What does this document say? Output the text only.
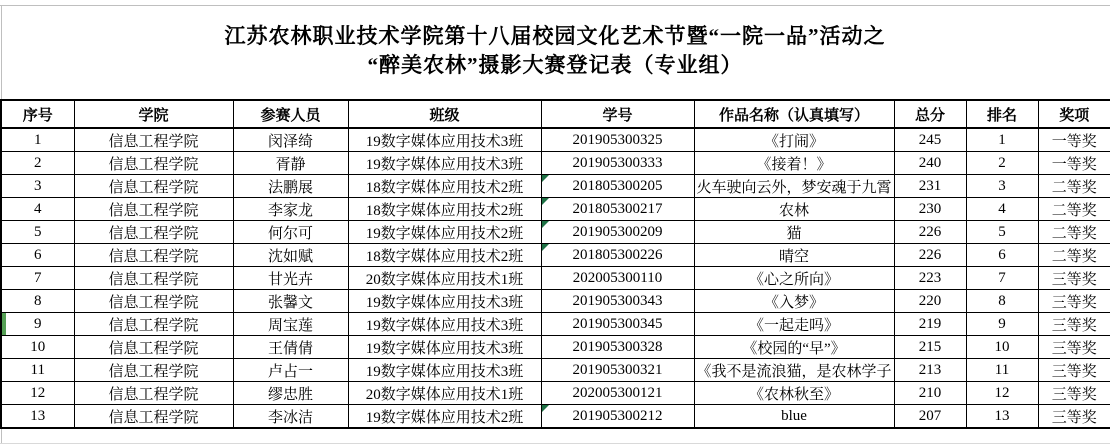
江苏农林职业技术学院第十八届校园文化艺术节暨“一院一品”活动之
“醉美农林”摄影大赛登记表（专业组）
序号	学院	参赛人员	班级	学号	作品名称（认真填写）	总分	排名	奖项
1	信息工程学院	闵泽绮	19数字媒体应用技术3班	201905300325	《打闹》	245	1	一等奖
2	信息工程学院	胥静	19数字媒体应用技术3班	201905300333	《接着！》	240	2	一等奖
3	信息工程学院	法鹏展	18数字媒体应用技术2班	201805300205	火车驶向云外，梦安魂于九霄	231	3	二等奖
4	信息工程学院	李家龙	18数字媒体应用技术2班	201805300217	农林	230	4	二等奖
5	信息工程学院	何尔可	19数字媒体应用技术2班	201905300209	猫	226	5	二等奖
6	信息工程学院	沈如赋	18数字媒体应用技术2班	201805300226	晴空	226	6	二等奖
7	信息工程学院	甘光卉	20数字媒体应用技术1班	202005300110	《心之所向》	223	7	三等奖
8	信息工程学院	张馨文	19数字媒体应用技术3班	201905300343	《入梦》	220	8	三等奖
9	信息工程学院	周宝莲	19数字媒体应用技术3班	201905300345	《一起走吗》	219	9	三等奖
10	信息工程学院	王倩倩	19数字媒体应用技术3班	201905300328	《校园的“早”》	215	10	三等奖
11	信息工程学院	卢占一	19数字媒体应用技术3班	201905300321	《我不是流浪猫，是农林学子	213	11	三等奖
12	信息工程学院	缪忠胜	20数字媒体应用技术1班	202005300121	《农林秋至》	210	12	三等奖
13	信息工程学院	李冰洁	19数字媒体应用技术2班	201905300212	blue	207	13	三等奖
